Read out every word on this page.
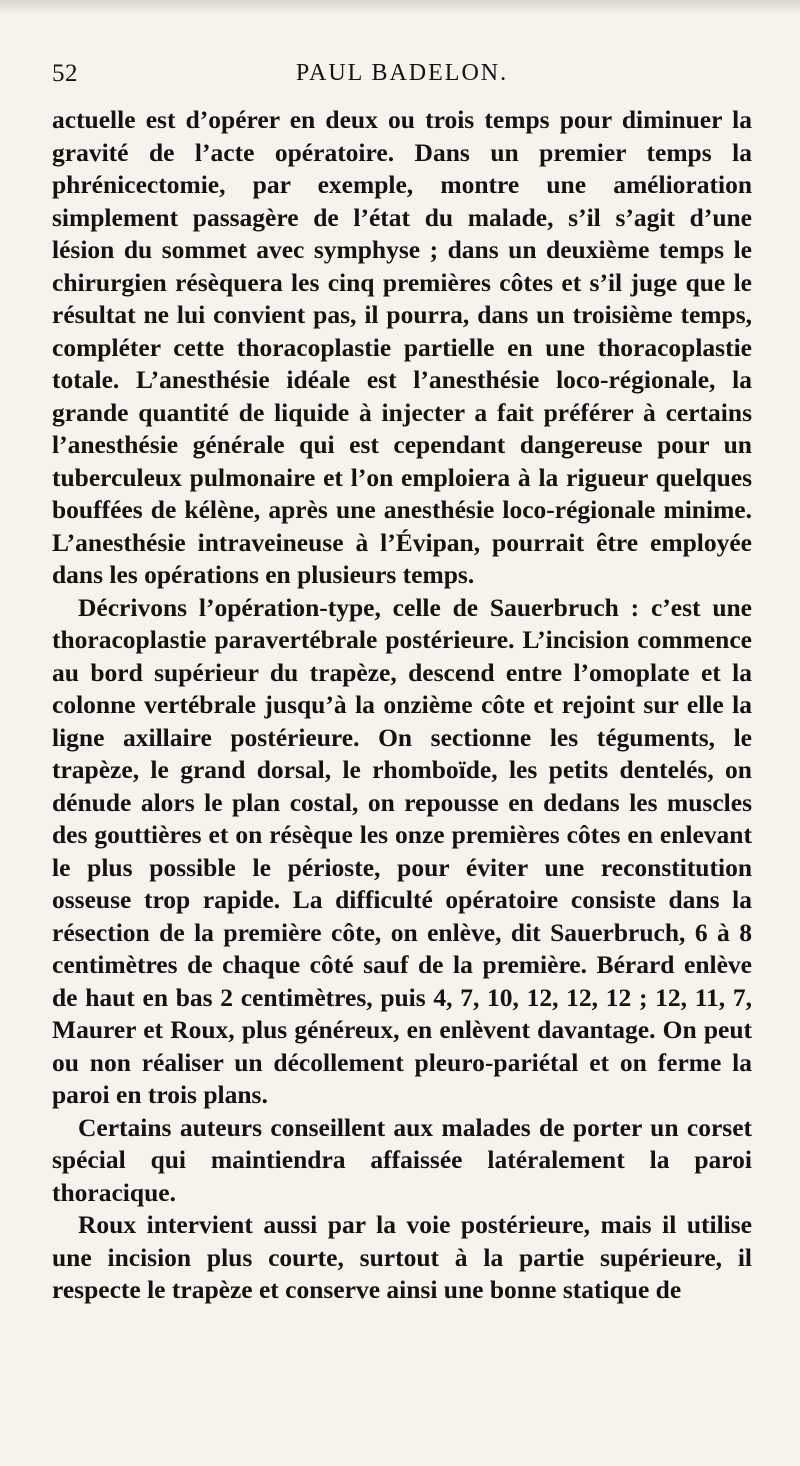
52	PAUL BADELON.

actuelle est d’opérer en deux ou trois temps pour diminuer la gravité de l’acte opératoire. Dans un premier temps la phrénicectomie, par exemple, montre une amélioration simplement passagère de l’état du malade, s’il s’agit d’une lésion du sommet avec symphyse ; dans un deuxième temps le chirurgien résèquera les cinq premières côtes et s’il juge que le résultat ne lui convient pas, il pourra, dans un troisième temps, compléter cette thoracoplastie partielle en une thoracoplastie totale. L’anesthésie idéale est l’anesthésie loco-régionale, la grande quantité de liquide à injecter a fait préférer à certains l’anesthésie générale qui est cependant dangereuse pour un tuberculeux pulmonaire et l’on emploiera à la rigueur quelques bouffées de kélène, après une anesthésie loco-régionale minime. L’anesthésie intraveineuse à l’Évipan, pourrait être employée dans les opérations en plusieurs temps.

Décrivons l’opération-type, celle de Sauerbruch : c’est une thoracoplastie paravertébrale postérieure. L’incision commence au bord supérieur du trapèze, descend entre l’omoplate et la colonne vertébrale jusqu’à la onzième côte et rejoint sur elle la ligne axillaire postérieure. On sectionne les téguments, le trapèze, le grand dorsal, le rhomboïde, les petits dentelés, on dénude alors le plan costal, on repousse en dedans les muscles des gouttières et on résèque les onze premières côtes en enlevant le plus possible le périoste, pour éviter une reconstitution osseuse trop rapide. La difficulté opératoire consiste dans la résection de la première côte, on enlève, dit Sauerbruch, 6 à 8 centimètres de chaque côté sauf de la première. Bérard enlève de haut en bas 2 centimètres, puis 4, 7, 10, 12, 12, 12 ; 12, 11, 7, Maurer et Roux, plus généreux, en enlèvent davantage. On peut ou non réaliser un décollement pleuro-pariétal et on ferme la paroi en trois plans.

Certains auteurs conseillent aux malades de porter un corset spécial qui maintiendra affaissée latéralement la paroi thoracique.

Roux intervient aussi par la voie postérieure, mais il utilise une incision plus courte, surtout à la partie supérieure, il respecte le trapèze et conserve ainsi une bonne statique de
